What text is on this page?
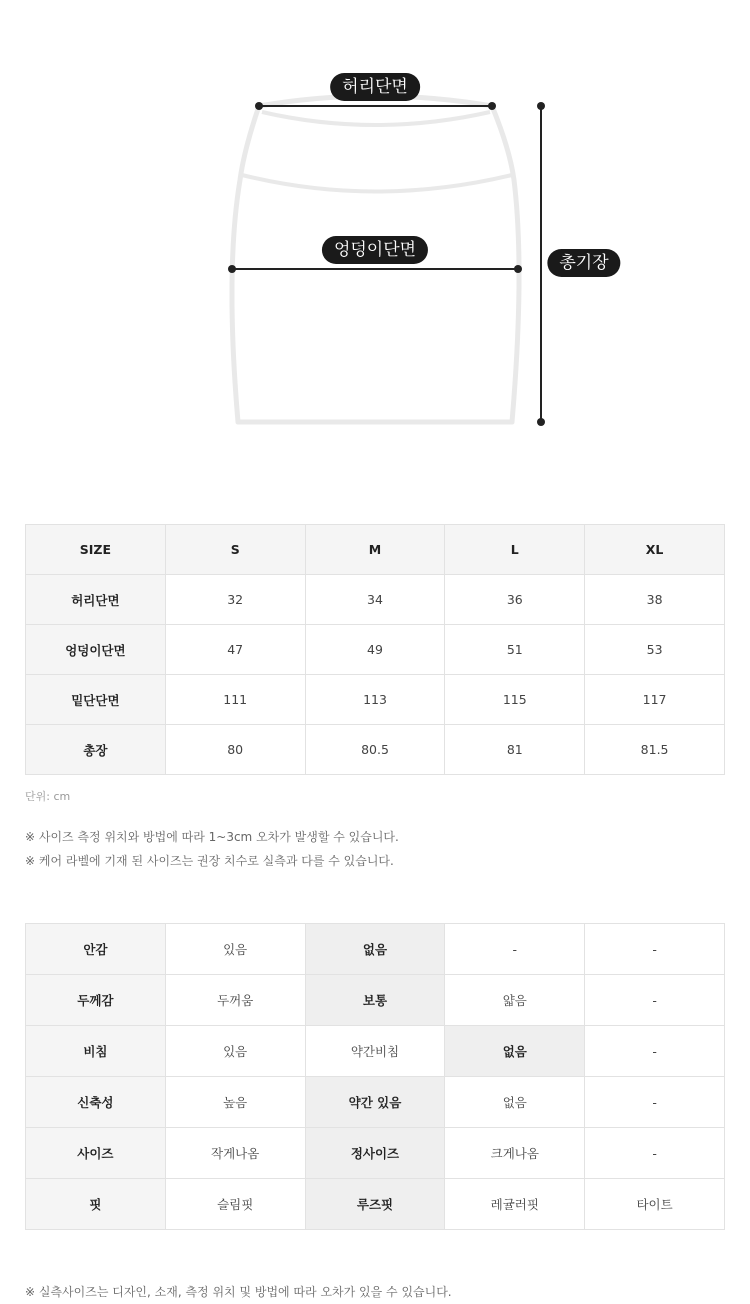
허리단면
엉덩이단면
총기장
SIZE	S	M	L	XL
허리단면	32	34	36	38
엉덩이단면	47	49	51	53
밑단단면	111	113	115	117
총장	80	80.5	81	81.5
단위: cm
※ 사이즈 측정 위치와 방법에 따라 1~3cm 오차가 발생할 수 있습니다.
※ 케어 라벨에 기재 된 사이즈는 권장 치수로 실측과 다를 수 있습니다.
안감	있음	없음	-	-
두께감	두꺼움	보통	얇음	-
비침	있음	약간비침	없음	-
신축성	높음	약간 있음	없음	-
사이즈	작게나옴	정사이즈	크게나옴	-
핏	슬림핏	루즈핏	레귤러핏	타이트
※ 실측사이즈는 디자인, 소재, 측정 위치 및 방법에 따라 오차가 있을 수 있습니다.
